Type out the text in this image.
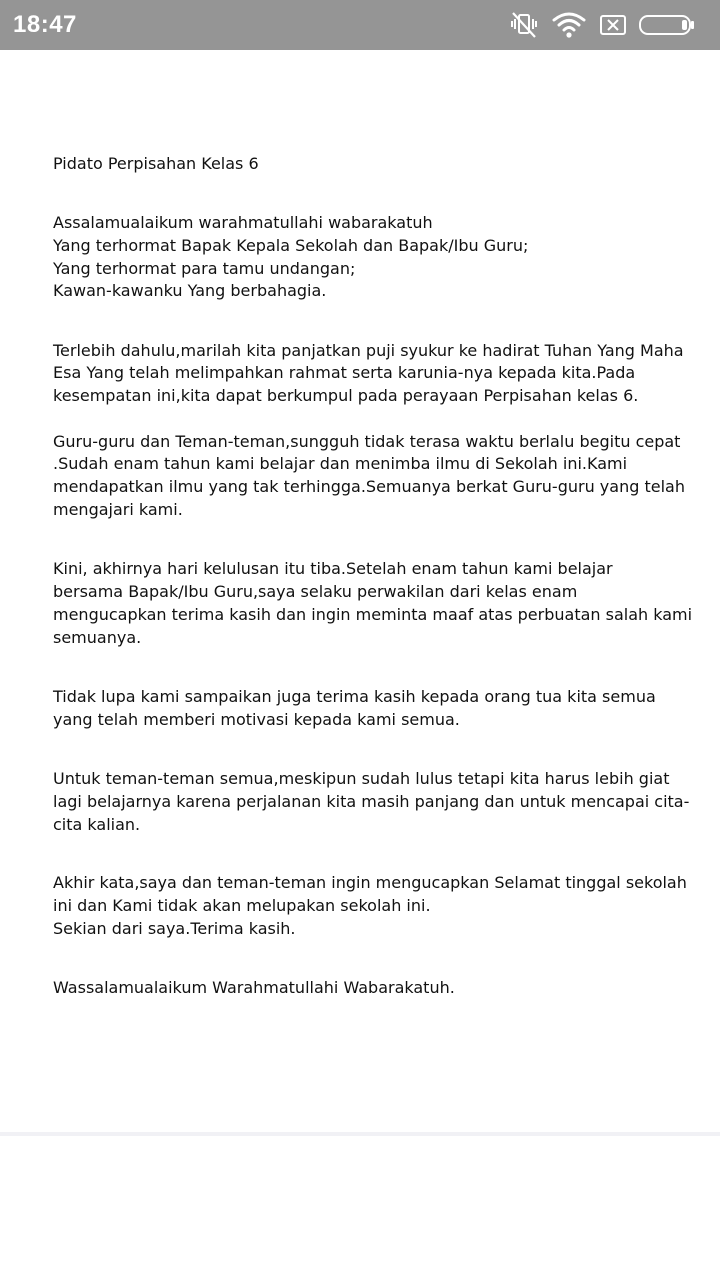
18:47

Pidato Perpisahan Kelas 6

Assalamualaikum warahmatullahi wabarakatuh

Yang terhormat Bapak Kepala Sekolah dan Bapak/Ibu Guru;

Yang terhormat para tamu undangan;

Kawan-kawanku Yang berbahagia.

Terlebih dahulu,marilah kita panjatkan puji syukur ke hadirat Tuhan Yang Maha

Esa Yang telah melimpahkan rahmat serta karunia-nya kepada kita.Pada

kesempatan ini,kita dapat berkumpul pada perayaan Perpisahan kelas 6.

Guru-guru dan Teman-teman,sungguh tidak terasa waktu berlalu begitu cepat

.Sudah enam tahun kami belajar dan menimba ilmu di Sekolah ini.Kami

mendapatkan ilmu yang tak terhingga.Semuanya berkat Guru-guru yang telah

mengajari kami.

Kini, akhirnya hari kelulusan itu tiba.Setelah enam tahun kami belajar

bersama Bapak/Ibu Guru,saya selaku perwakilan dari kelas enam

mengucapkan terima kasih dan ingin meminta maaf atas perbuatan salah kami

semuanya.

Tidak lupa kami sampaikan juga terima kasih kepada orang tua kita semua

yang telah memberi motivasi kepada kami semua.

Untuk teman-teman semua,meskipun sudah lulus tetapi kita harus lebih giat

lagi belajarnya karena perjalanan kita masih panjang dan untuk mencapai cita-

cita kalian.

Akhir kata,saya dan teman-teman ingin mengucapkan Selamat tinggal sekolah

ini dan Kami tidak akan melupakan sekolah ini.

Sekian dari saya.Terima kasih.

Wassalamualaikum Warahmatullahi Wabarakatuh.
